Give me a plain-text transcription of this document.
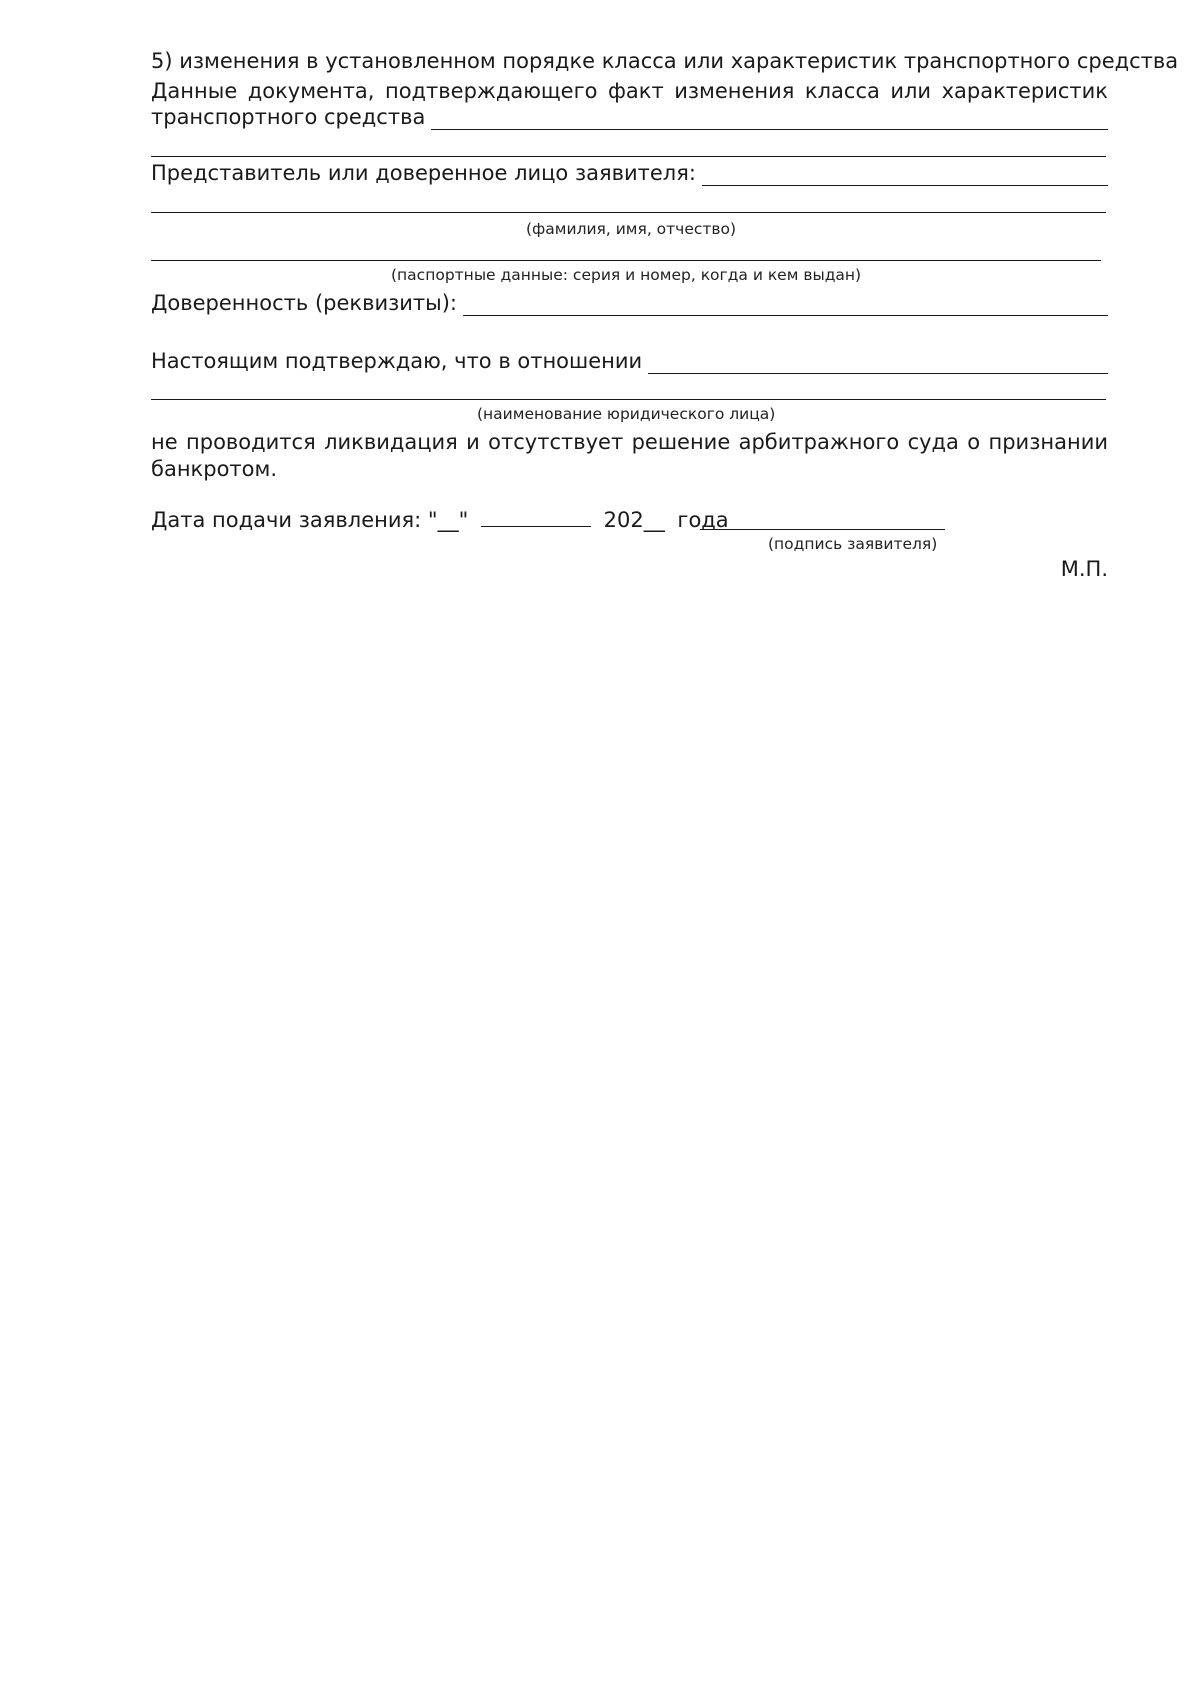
5) изменения в установленном порядке класса или характеристик транспортного средства
Данные документа, подтверждающего факт изменения класса или характеристик
транспортного средства
Представитель или доверенное лицо заявителя:
(фамилия, имя, отчество)
(паспортные данные: серия и номер, когда и кем выдан)
Доверенность (реквизиты):
Настоящим подтверждаю, что в отношении
(наименование юридического лица)
не проводится ликвидация и отсутствует решение арбитражного суда о признании
банкротом.
Дата подачи заявления: "__"	202__ года
(подпись заявителя)
М.П.
